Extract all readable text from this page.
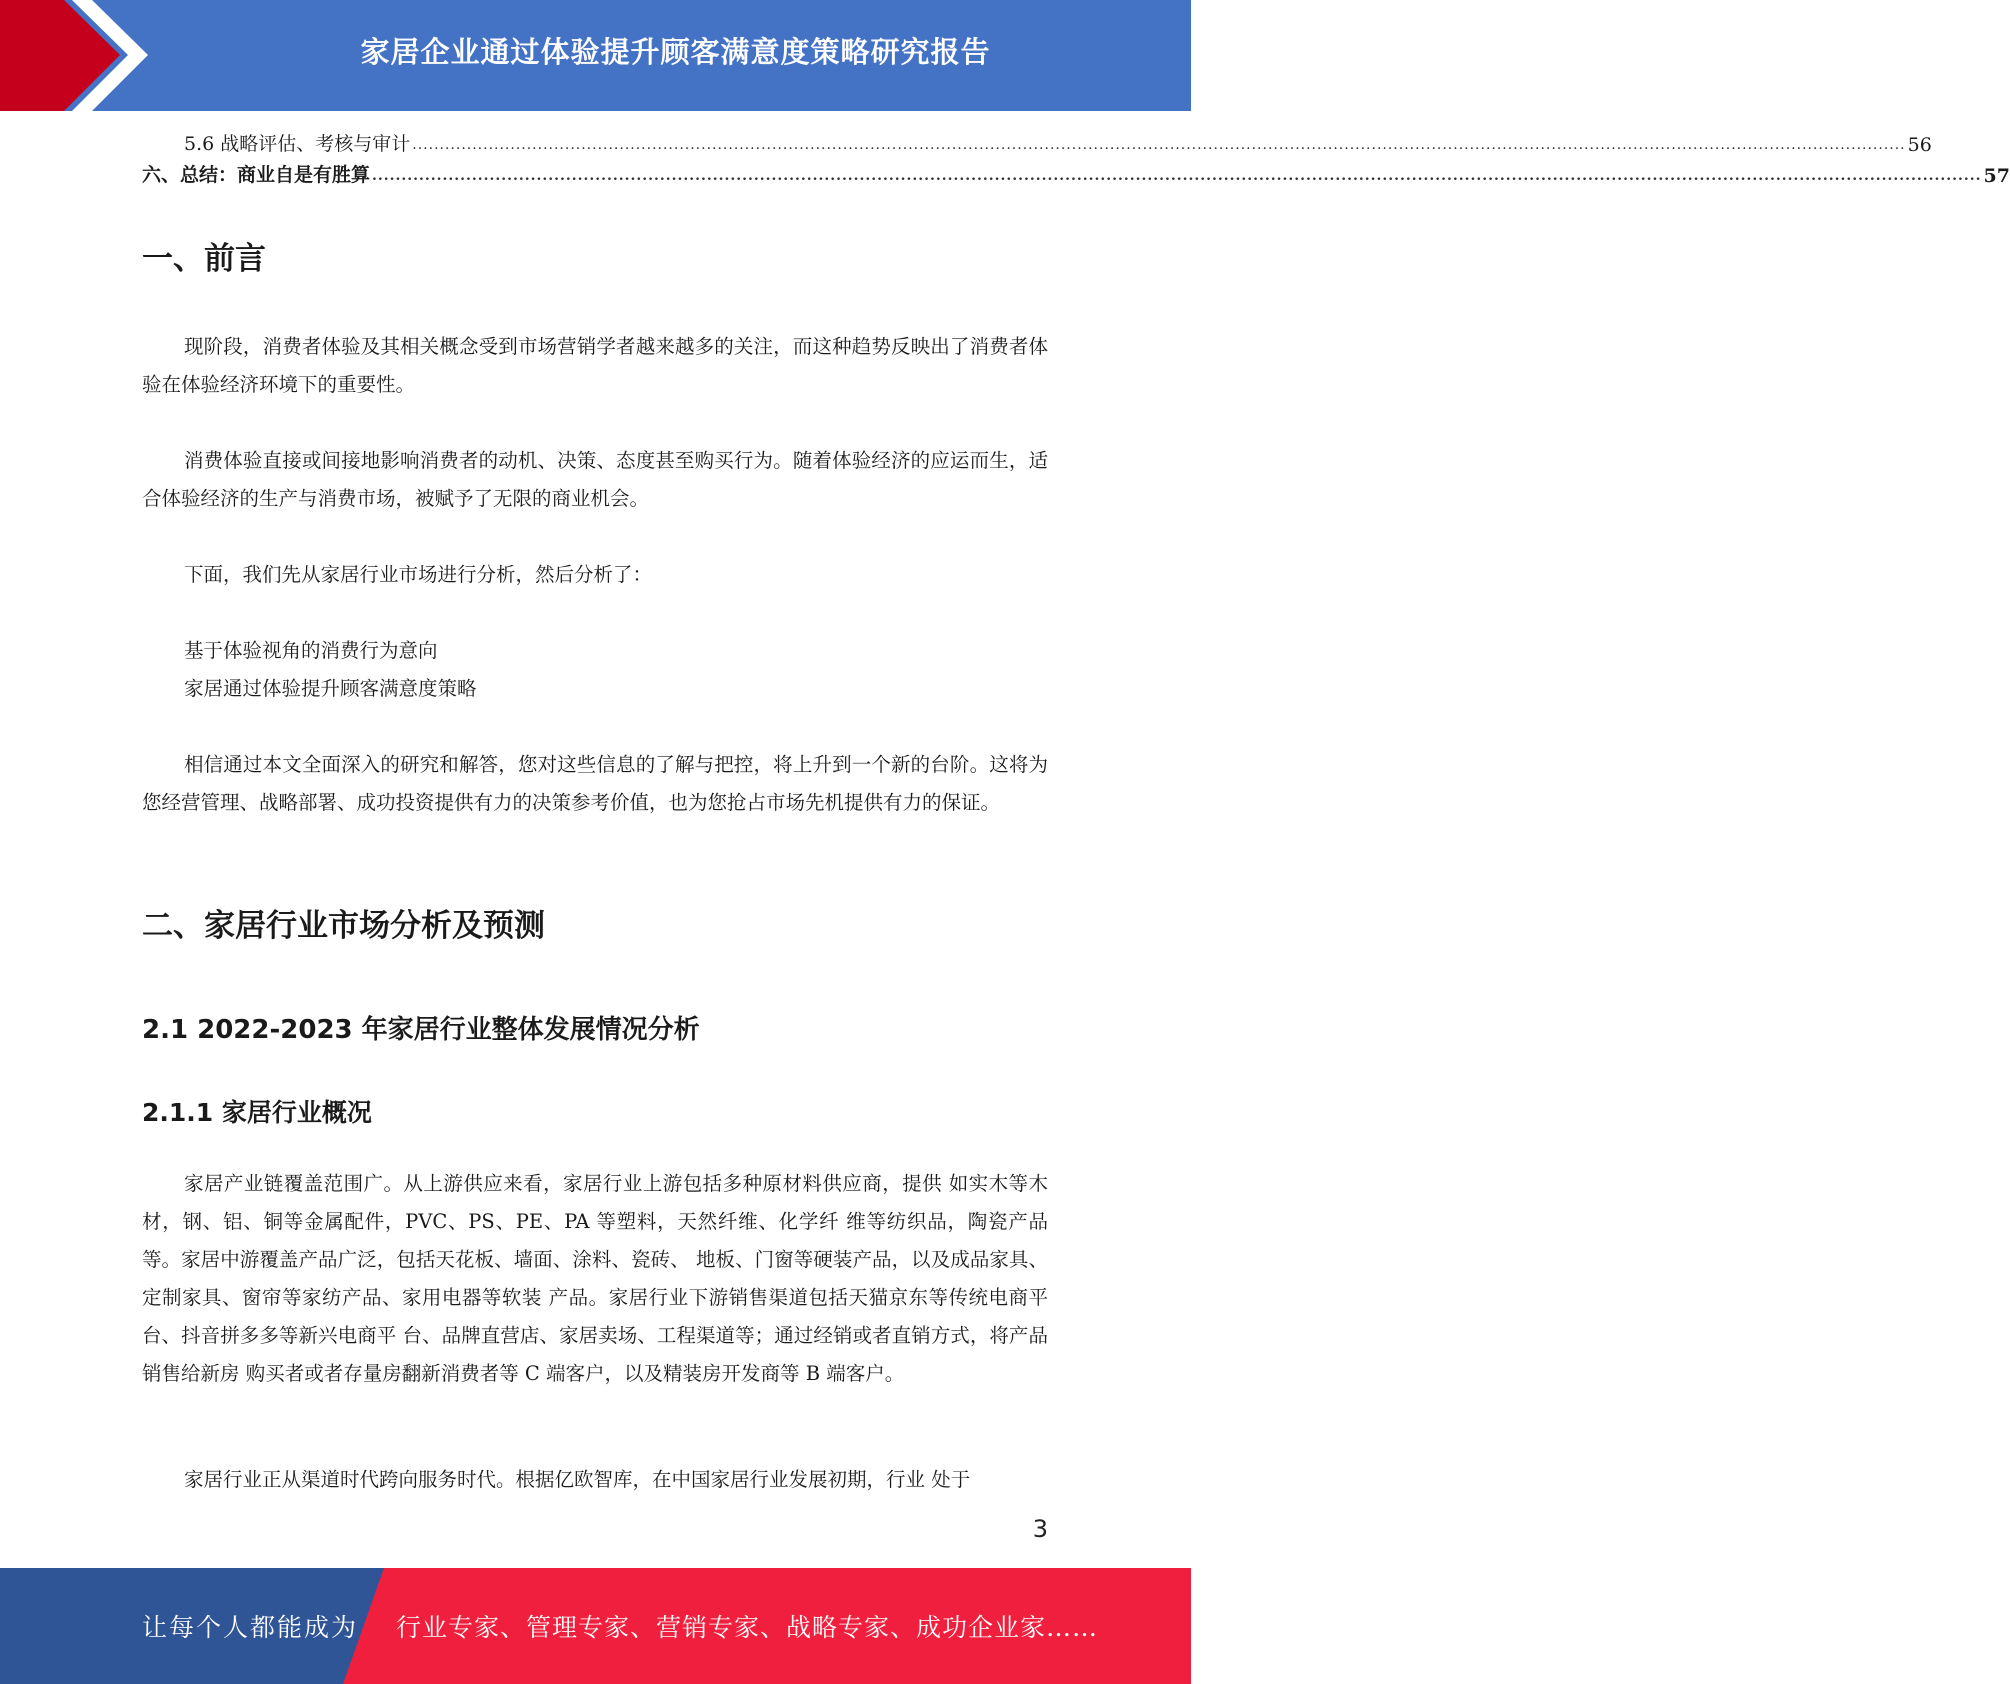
家居企业通过体验提升顾客满意度策略研究报告
5.6 战略评估、考核与审计 .................................................................................................................................................................................................................................................................................. 56
六、总结：商业自是有胜算 .................................................................................................................................................................................................................................................................................. 57
一、前言

现阶段，消费者体验及其相关概念受到市场营销学者越来越多的关注，而这种趋势反映出了消费者体验在体验经济环境下的重要性。

消费体验直接或间接地影响消费者的动机、决策、态度甚至购买行为。随着体验经济的应运而生，适合体验经济的生产与消费市场，被赋予了无限的商业机会。

下面，我们先从家居行业市场进行分析，然后分析了：

基于体验视角的消费行为意向
家居通过体验提升顾客满意度策略

相信通过本文全面深入的研究和解答，您对这些信息的了解与把控，将上升到一个新的台阶。这将为您经营管理、战略部署、成功投资提供有力的决策参考价值，也为您抢占市场先机提供有力的保证。

二、家居行业市场分析及预测
2.1 2022-2023 年家居行业整体发展情况分析
2.1.1 家居行业概况

家居产业链覆盖范围广。从上游供应来看，家居行业上游包括多种原材料供应商，提供 如实木等木材，钢、铝、铜等金属配件，PVC、PS、PE、PA 等塑料，天然纤维、化学纤 维等纺织品，陶瓷产品等。家居中游覆盖产品广泛，包括天花板、墙面、涂料、瓷砖、 地板、门窗等硬装产品，以及成品家具、定制家具、窗帘等家纺产品、家用电器等软装 产品。家居行业下游销售渠道包括天猫京东等传统电商平台、抖音拼多多等新兴电商平 台、品牌直营店、家居卖场、工程渠道等；通过经销或者直销方式，将产品销售给新房 购买者或者存量房翻新消费者等 C 端客户，以及精装房开发商等 B 端客户。

家居行业正从渠道时代跨向服务时代。根据亿欧智库，在中国家居行业发展初期，行业 处于

3
让每个人都能成为 行业专家、管理专家、营销专家、战略专家、成功企业家……
